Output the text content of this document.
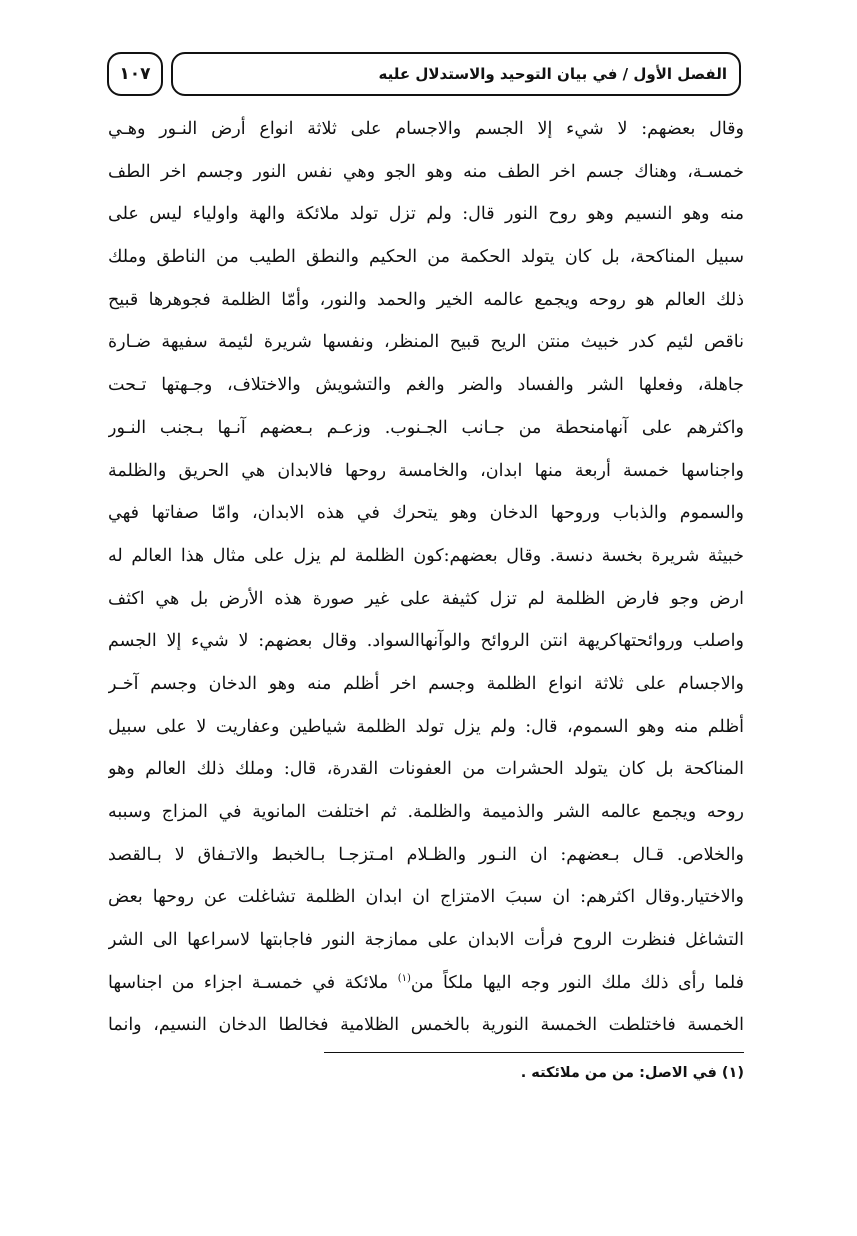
١٠٧	الفصل الأول / في بيان التوحيد والاستدلال عليه
وقال بعضهم: لا شيء إلا الجسم والاجسام على ثلاثة انواع أرض النـور وهـي
خمسـة، وهناك جسم اخر الطف منه وهو الجو وهي نفس النور وجسم اخر الطف
منه وهو النسيم وهو روح النور قال: ولم تزل تولد ملائكة والهة واولياء ليس على
سبيل المناكحة، بل كان يتولد الحكمة من الحكيم والنطق الطيب من الناطق وملك
ذلك العالم هو روحه ويجمع عالمه الخير والحمد والنور، وأمّا الظلمة فجوهرها قبيح
ناقص لئيم كدر خبيث منتن الريح قبيح المنظر، ونفسها شريرة لئيمة سفيهة ضـارة
جاهلة، وفعلها الشر والفساد والضر والغم والتشويش والاختلاف، وجـهتها تـحت
واكثرهم على آنهامنحطة من جـانب الجـنوب. وزعـم بـعضهم آنـها بـجنب النـور
واجناسها خمسة أربعة منها ابدان، والخامسة روحها فالابدان هي الحريق والظلمة
والسموم والذباب وروحها الدخان وهو يتحرك في هذه الابدان، وامّا صفاتها فهي
خبيثة شريرة بخسة دنسة. وقال بعضهم:كون الظلمة لم يزل على مثال هذا العالم له
ارض وجو فارض الظلمة لم تزل كثيفة على غير صورة هذه الأرض بل هي اكثف
واصلب وروائحتهاكريهة انتن الروائح والوآنهاالسواد. وقال بعضهم: لا شيء إلا الجسم
والاجسام على ثلاثة انواع الظلمة وجسم اخر أظلم منه وهو الدخان وجسم آخـر
أظلم منه وهو السموم، قال: ولم يزل تولد الظلمة شياطين وعفاريت لا على سبيل
المناكحة بل كان يتولد الحشرات من العفونات القدرة، قال: وملك ذلك العالم وهو
روحه ويجمع عالمه الشر والذميمة والظلمة. ثم اختلفت المانوية في المزاج وسببه
والخلاص. قـال بـعضهم: ان النـور والظـلام امـتزجـا بـالخبط والاتـفاق لا بـالقصد
والاختيار.وقال اكثرهم: ان سببَ الامتزاج ان ابدان الظلمة تشاغلت عن روحها بعض
التشاغل فنظرت الروح فرأت الابدان على ممازجة النور فاجابتها لاسراعها الى الشر
فلما رأى ذلك ملك النور وجه اليها ملكاً من$^{(١)}$ ملائكة في خمسـة اجزاء من اجناسها
الخمسة فاختلطت الخمسة النورية بالخمس الظلامية فخالطا الدخان النسيم، وانما
(١) في الاصل: من من ملائكته .
